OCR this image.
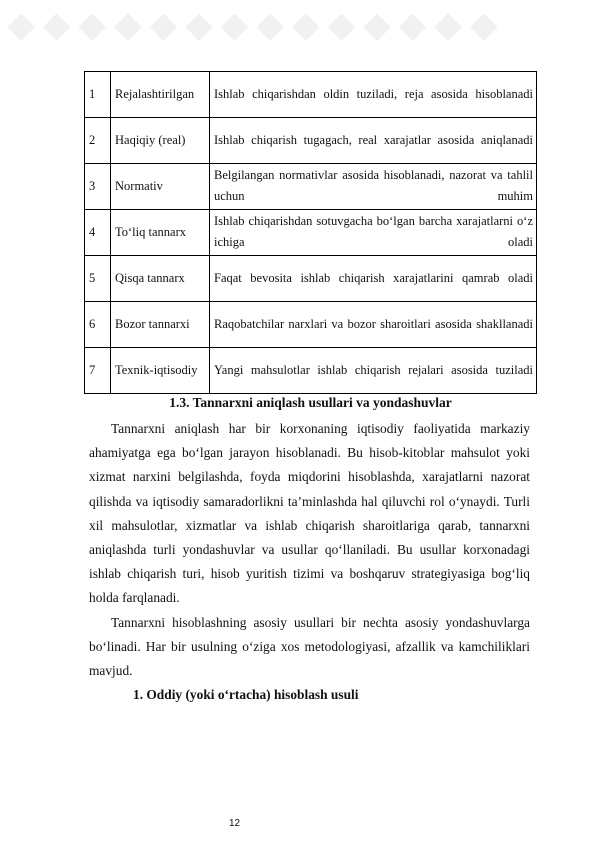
◆ ◆ ◆ ◆ ◆ ◆ ◆ ◆ ◆ ◆ ◆ ◆ ◆ ◆
1	Rejalashtirilgan	Ishlab chiqarishdan oldin tuziladi, reja asosida hisoblanadi
2	Haqiqiy (real)	Ishlab chiqarish tugagach, real xarajatlar asosida aniqlanadi
3	Normativ	Belgilangan normativlar asosida hisoblanadi, nazorat va tahlil uchun muhim
4	To‘liq tannarx	Ishlab chiqarishdan sotuvgacha bo‘lgan barcha xarajatlarni o‘z ichiga oladi
5	Qisqa tannarx	Faqat bevosita ishlab chiqarish xarajatlarini qamrab oladi
6	Bozor tannarxi	Raqobatchilar narxlari va bozor sharoitlari asosida shakllanadi
7	Texnik-iqtisodiy	Yangi mahsulotlar ishlab chiqarish rejalari asosida tuziladi
1.3. Tannarxni aniqlash usullari va yondashuvlar

Tannarxni aniqlash har bir korxonaning iqtisodiy faoliyatida markaziy ahamiyatga ega bo‘lgan jarayon hisoblanadi. Bu hisob-kitoblar mahsulot yoki xizmat narxini belgilashda, foyda miqdorini hisoblashda, xarajatlarni nazorat qilishda va iqtisodiy samaradorlikni ta’minlashda hal qiluvchi rol o‘ynaydi. Turli xil mahsulotlar, xizmatlar va ishlab chiqarish sharoitlariga qarab, tannarxni aniqlashda turli yondashuvlar va usullar qo‘llaniladi. Bu usullar korxonadagi ishlab chiqarish turi, hisob yuritish tizimi va boshqaruv strategiyasiga bog‘liq holda farqlanadi.

Tannarxni hisoblashning asosiy usullari bir nechta asosiy yondashuvlarga bo‘linadi. Har bir usulning o‘ziga xos metodologiyasi, afzallik va kamchiliklari mavjud.

1. Oddiy (yoki o‘rtacha) hisoblash usuli

12
